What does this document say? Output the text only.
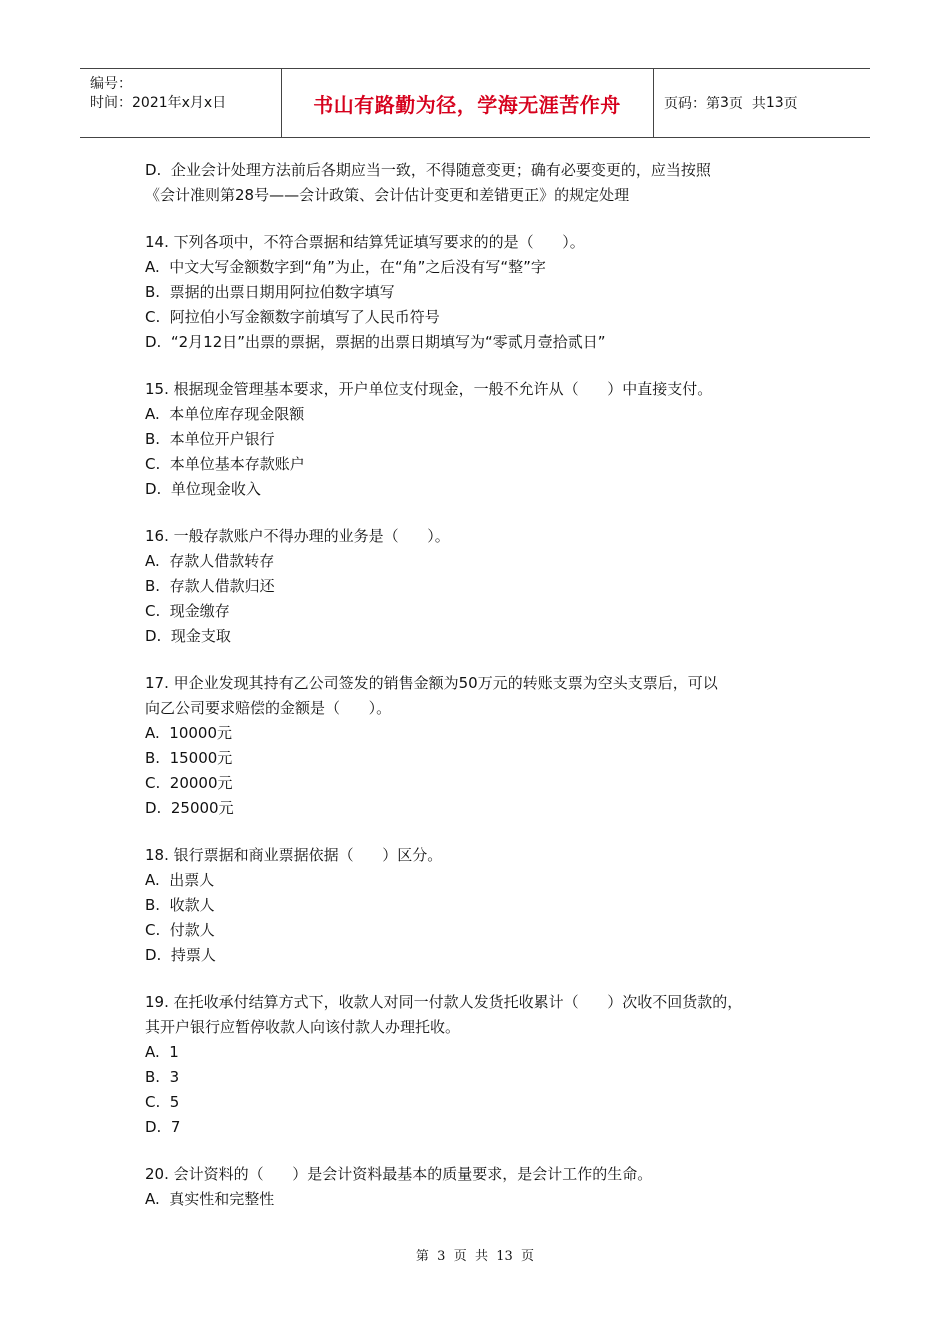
编号：
时间：2021年x月x日	书山有路勤为径，学海无涯苦作舟	页码：第 3 页  共 13 页
D.  企业会计处理方法前后各期应当一致，不得随意变更；确有必要变更的，应当按照
《会计准则第28号——会计政策、会计估计变更和差错更正》的规定处理
14. 下列各项中，不符合票据和结算凭证填写要求的的是（      ）。
A.  中文大写金额数字到“角”为止，在“角”之后没有写“整”字
B.  票据的出票日期用阿拉伯数字填写
C.  阿拉伯小写金额数字前填写了人民币符号
D.  “2月12日”出票的票据，票据的出票日期填写为“零贰月壹拾贰日”
15. 根据现金管理基本要求，开户单位支付现金，一般不允许从（      ）中直接支付。
A.  本单位库存现金限额
B.  本单位开户银行
C.  本单位基本存款账户
D.  单位现金收入
16. 一般存款账户不得办理的业务是（      ）。
A.  存款人借款转存
B.  存款人借款归还
C.  现金缴存
D.  现金支取
17. 甲企业发现其持有乙公司签发的销售金额为50万元的转账支票为空头支票后，可以
向乙公司要求赔偿的金额是（      ）。
A.  10000元
B.  15000元
C.  20000元
D.  25000元
18. 银行票据和商业票据依据（      ）区分。
A.  出票人
B.  收款人
C.  付款人
D.  持票人
19. 在托收承付结算方式下，收款人对同一付款人发货托收累计（      ）次收不回货款的，
其开户银行应暂停收款人向该付款人办理托收。
A.  1
B.  3
C.  5
D.  7
20. 会计资料的（      ）是会计资料最基本的质量要求，是会计工作的生命。
A.  真实性和完整性
第  3  页  共  13  页
